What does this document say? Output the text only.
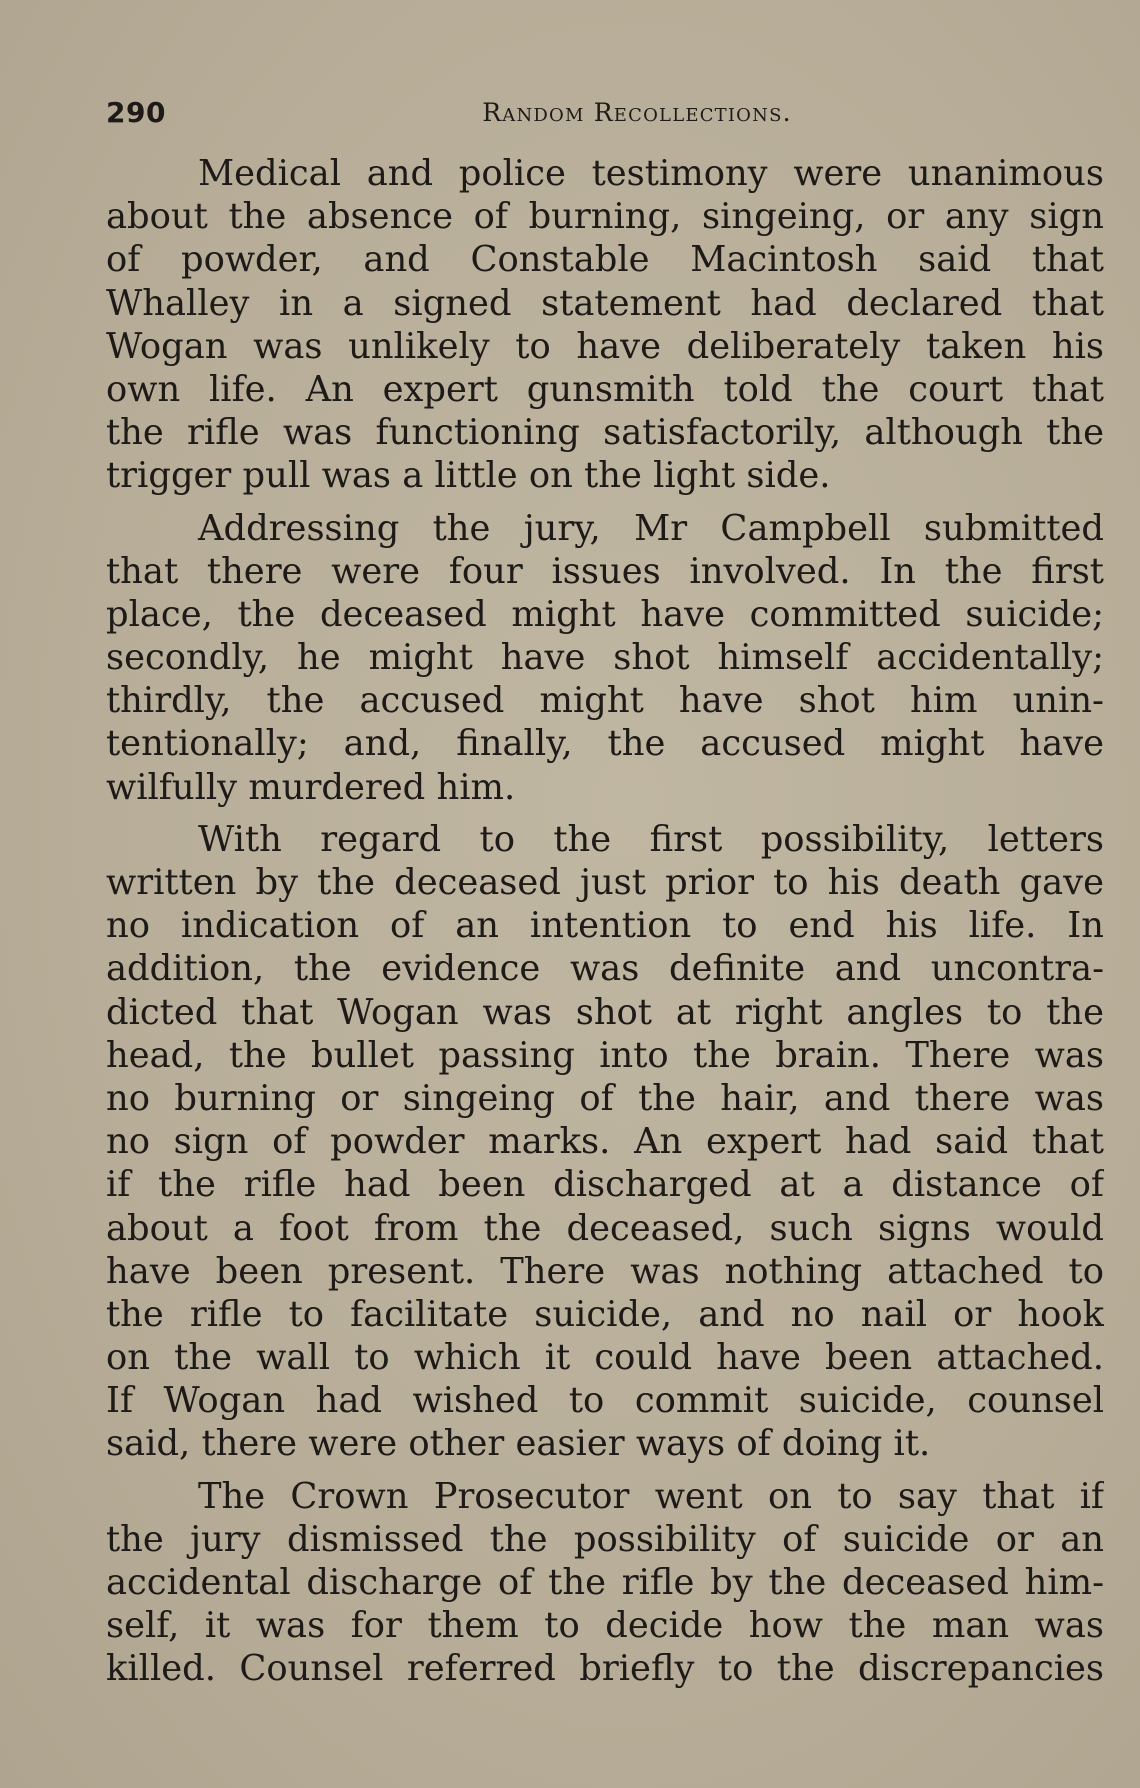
290	Random Recollections.
Medical and police testimony were unanimous
about the absence of burning, singeing, or any sign
of powder, and Constable Macintosh said that
Whalley in a signed statement had declared that
Wogan was unlikely to have deliberately taken his
own life. An expert gunsmith told the court that
the rifle was functioning satisfactorily, although the
trigger pull was a little on the light side.
Addressing the jury, Mr Campbell submitted
that there were four issues involved. In the first
place, the deceased might have committed suicide;
secondly, he might have shot himself accidentally;
thirdly, the accused might have shot him unin-
tentionally; and, finally, the accused might have
wilfully murdered him.
With regard to the first possibility, letters
written by the deceased just prior to his death gave
no indication of an intention to end his life. In
addition, the evidence was definite and uncontra-
dicted that Wogan was shot at right angles to the
head, the bullet passing into the brain. There was
no burning or singeing of the hair, and there was
no sign of powder marks. An expert had said that
if the rifle had been discharged at a distance of
about a foot from the deceased, such signs would
have been present. There was nothing attached to
the rifle to facilitate suicide, and no nail or hook
on the wall to which it could have been attached.
If Wogan had wished to commit suicide, counsel
said, there were other easier ways of doing it.
The Crown Prosecutor went on to say that if
the jury dismissed the possibility of suicide or an
accidental discharge of the rifle by the deceased him-
self, it was for them to decide how the man was
killed. Counsel referred briefly to the discrepancies
